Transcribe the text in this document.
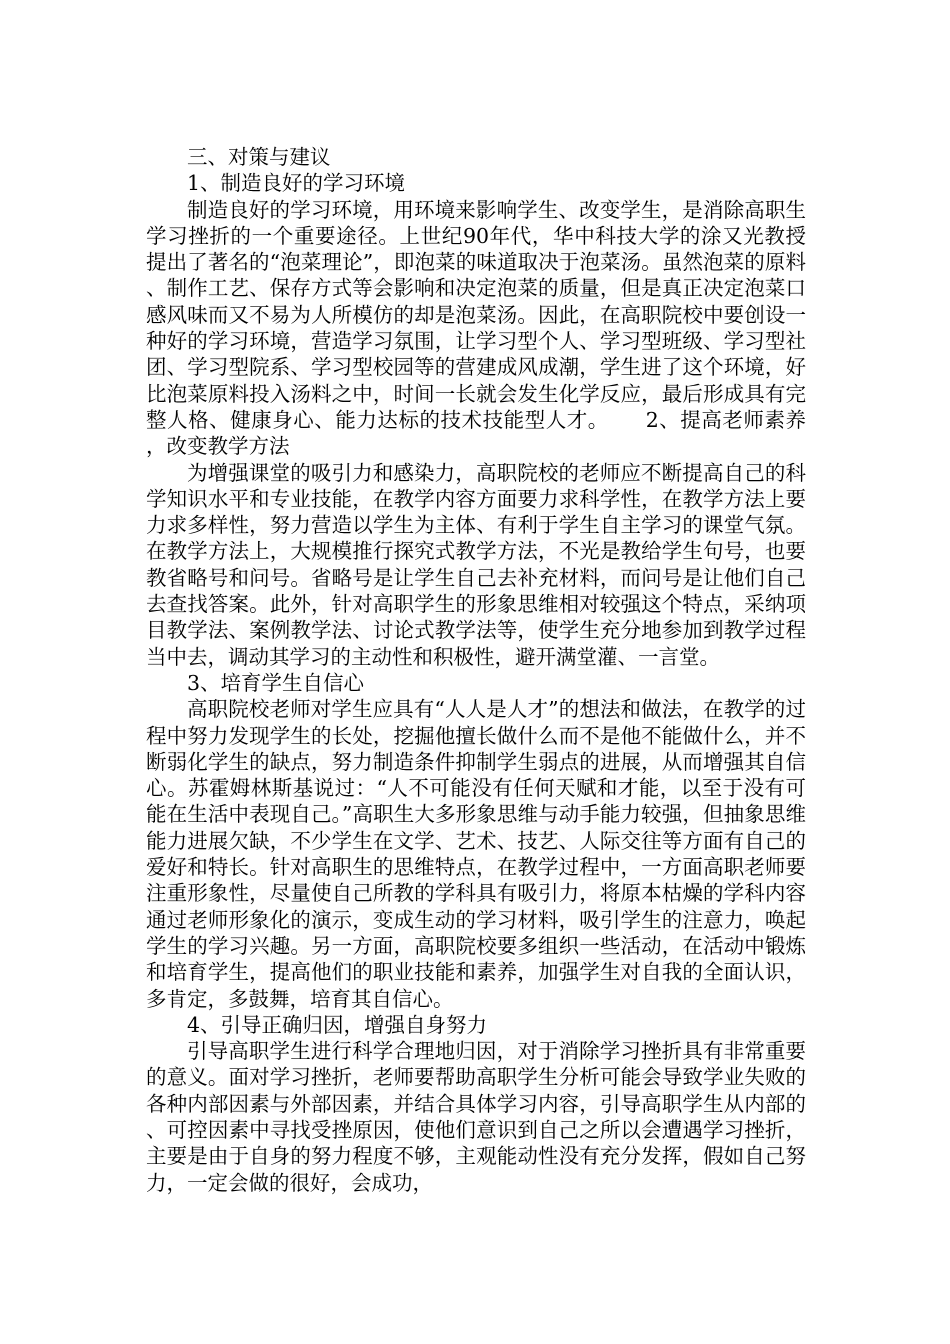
三、对策与建议

1、制造良好的学习环境

制造良好的学习环境，用环境来影响学生、改变学生，是消除高职生学习挫折的一个重要途径。上世纪90年代，华中科技大学的涂又光教授提出了著名的“泡菜理论”，即泡菜的味道取决于泡菜汤。虽然泡菜的原料、制作工艺、保存方式等会影响和决定泡菜的质量，但是真正决定泡菜口感风味而又不易为人所模仿的却是泡菜汤。因此，在高职院校中要创设一种好的学习环境，营造学习氛围，让学习型个人、学习型班级、学习型社团、学习型院系、学习型校园等的营建成风成潮，学生进了这个环境，好比泡菜原料投入汤料之中，时间一长就会发生化学反应，最后形成具有完整人格、健康身心、能力达标的技术技能型人才。 2、提高老师素养，改变教学方法

为增强课堂的吸引力和感染力，高职院校的老师应不断提高自己的科学知识水平和专业技能，在教学内容方面要力求科学性，在教学方法上要力求多样性，努力营造以学生为主体、有利于学生自主学习的课堂气氛。在教学方法上，大规模推行探究式教学方法，不光是教给学生句号，也要教省略号和问号。省略号是让学生自己去补充材料，而问号是让他们自己去查找答案。此外，针对高职学生的形象思维相对较强这个特点，采纳项目教学法、案例教学法、讨论式教学法等，使学生充分地参加到教学过程当中去，调动其学习的主动性和积极性，避开满堂灌、一言堂。

3、培育学生自信心

高职院校老师对学生应具有“人人是人才”的想法和做法，在教学的过程中努力发现学生的长处，挖掘他擅长做什么而不是他不能做什么，并不断弱化学生的缺点，努力制造条件抑制学生弱点的进展，从而增强其自信心。苏霍姆林斯基说过：“人不可能没有任何天赋和才能，以至于没有可能在生活中表现自己。”高职生大多形象思维与动手能力较强，但抽象思维能力进展欠缺，不少学生在文学、艺术、技艺、人际交往等方面有自己的爱好和特长。针对高职生的思维特点，在教学过程中，一方面高职老师要注重形象性，尽量使自己所教的学科具有吸引力，将原本枯燥的学科内容通过老师形象化的演示，变成生动的学习材料，吸引学生的注意力，唤起学生的学习兴趣。另一方面，高职院校要多组织一些活动，在活动中锻炼和培育学生，提高他们的职业技能和素养，加强学生对自我的全面认识，多肯定，多鼓舞，培育其自信心。

4、引导正确归因，增强自身努力

引导高职学生进行科学合理地归因，对于消除学习挫折具有非常重要的意义。面对学习挫折，老师要帮助高职学生分析可能会导致学业失败的各种内部因素与外部因素，并结合具体学习内容，引导高职学生从内部的、可控因素中寻找受挫原因，使他们意识到自己之所以会遭遇学习挫折，主要是由于自身的努力程度不够，主观能动性没有充分发挥，假如自己努力，一定会做的很好，会成功，
